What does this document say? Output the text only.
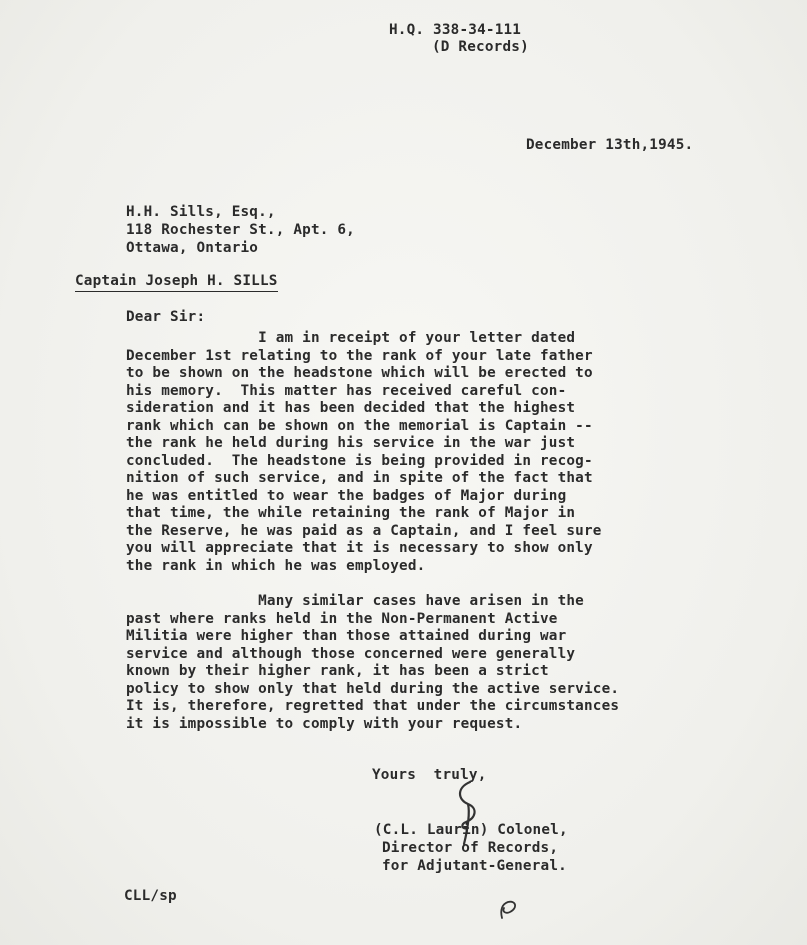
H.Q. 338-34-111
(D Records)
December 13th,1945.
H.H. Sills, Esq.,
118 Rochester St., Apt. 6,
Ottawa, Ontario
Captain Joseph H. SILLS
Dear Sir:
I am in receipt of your letter dated
December 1st relating to the rank of your late father
to be shown on the headstone which will be erected to
his memory.  This matter has received careful con-
sideration and it has been decided that the highest
rank which can be shown on the memorial is Captain --
the rank he held during his service in the war just
concluded.  The headstone is being provided in recog-
nition of such service, and in spite of the fact that
he was entitled to wear the badges of Major during
that time, the while retaining the rank of Major in
the Reserve, he was paid as a Captain, and I feel sure
you will appreciate that it is necessary to show only
the rank in which he was employed.
Many similar cases have arisen in the
past where ranks held in the Non-Permanent Active
Militia were higher than those attained during war
service and although those concerned were generally
known by their higher rank, it has been a strict
policy to show only that held during the active service.
It is, therefore, regretted that under the circumstances
it is impossible to comply with your request.
Yours  truly,
(C.L. Laurin) Colonel,
Director of Records,
for Adjutant-General.
CLL/sp
